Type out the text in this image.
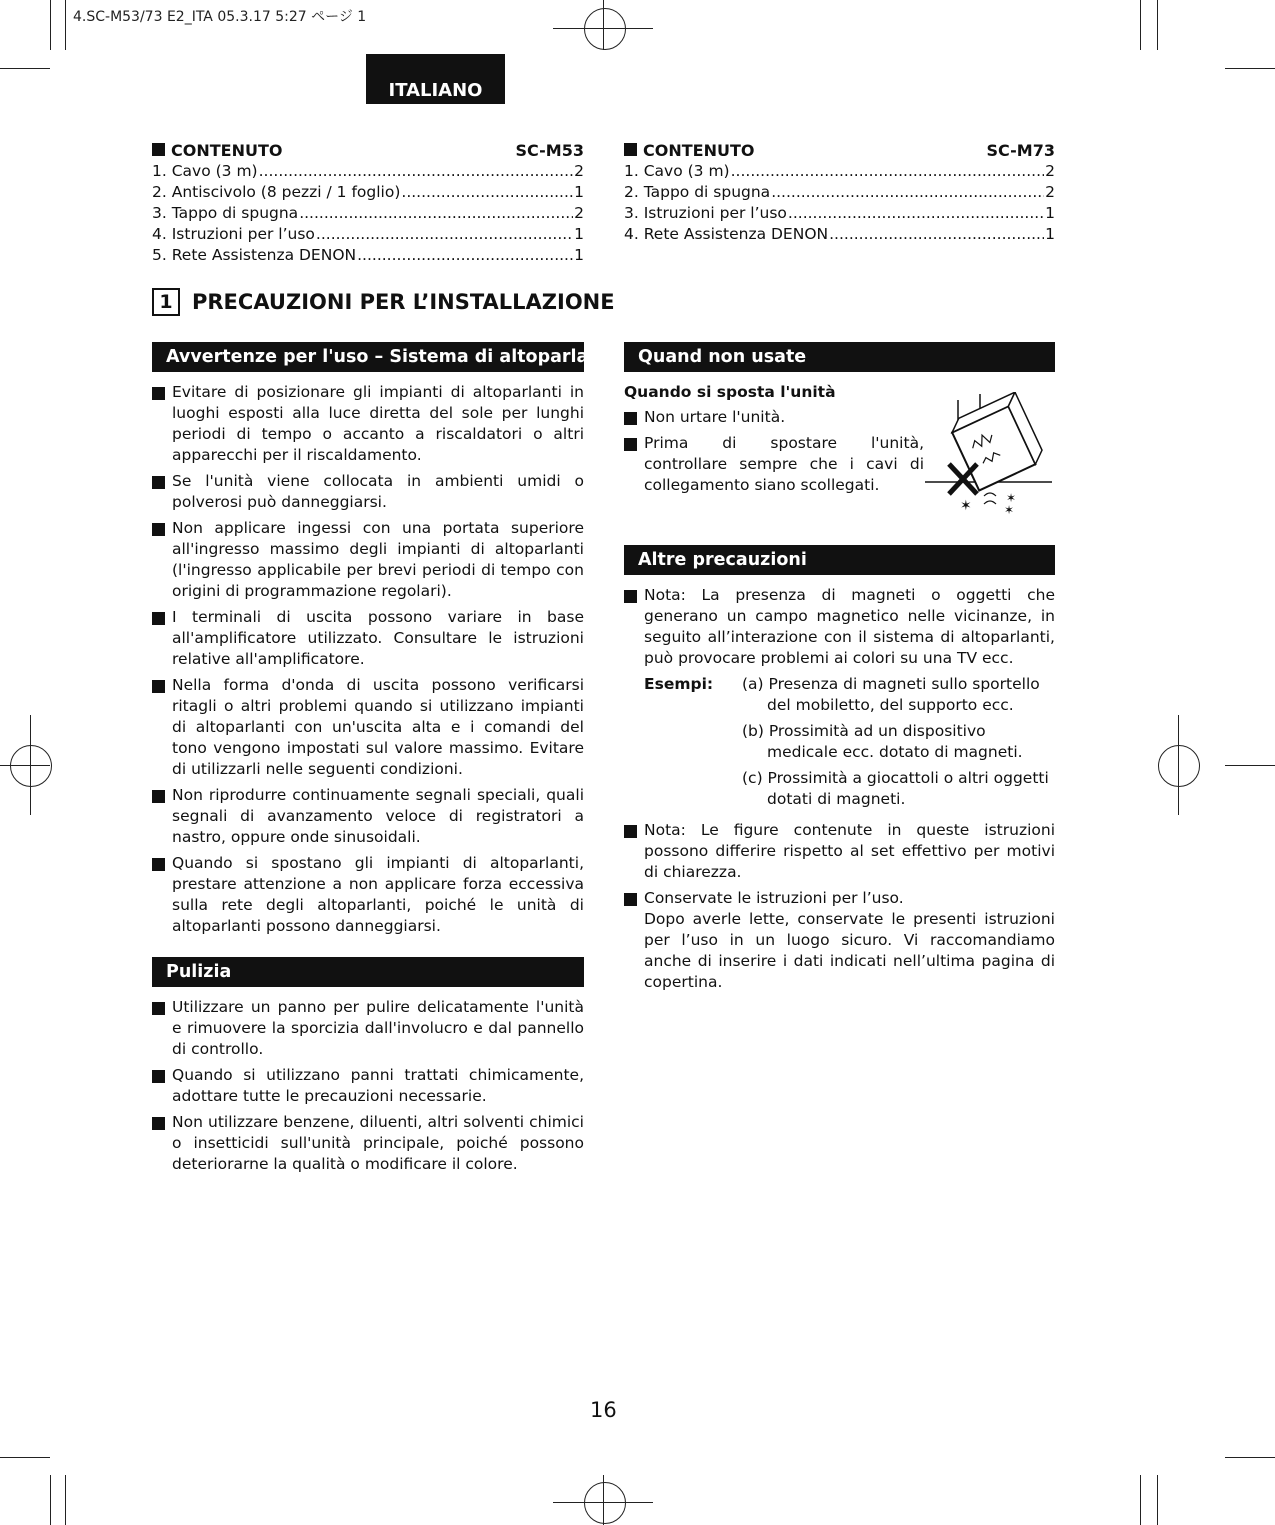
4.SC-M53/73 E2_ITA 05.3.17 5:27 ページ 1
ITALIANO
CONTENUTO	SC-M53
1. Cavo (3 m) .....	2
2. Antiscivolo (8 pezzi / 1 foglio) .....	1
3. Tappo di spugna .....	2
4. Istruzioni per l’uso .....	1
5. Rete Assistenza DENON .....	1
CONTENUTO	SC-M73
1. Cavo (3 m) .....	2
2. Tappo di spugna .....	2
3. Istruzioni per l’uso .....	1
4. Rete Assistenza DENON .....	1
1 PRECAUZIONI PER L’INSTALLAZIONE
Avvertenze per l'uso – Sistema di altoparlanti
Evitare di posizionare gli impianti di altoparlanti in luoghi esposti alla luce diretta del sole per lunghi periodi di tempo o accanto a riscaldatori o altri apparecchi per il riscaldamento.
Se l'unità viene collocata in ambienti umidi o polverosi può danneggiarsi.
Non applicare ingessi con una portata superiore all'ingresso massimo degli impianti di altoparlanti (l'ingresso applicabile per brevi periodi di tempo con origini di programmazione regolari).
I terminali di uscita possono variare in base all'amplificatore utilizzato. Consultare le istruzioni relative all'amplificatore.
Nella forma d'onda di uscita possono verificarsi ritagli o altri problemi quando si utilizzano impianti di altoparlanti con un'uscita alta e i comandi del tono vengono impostati sul valore massimo. Evitare di utilizzarli nelle seguenti condizioni.
Non riprodurre continuamente segnali speciali, quali segnali di avanzamento veloce di registratori a nastro, oppure onde sinusoidali.
Quando si spostano gli impianti di altoparlanti, prestare attenzione a non applicare forza eccessiva sulla rete degli altoparlanti, poiché le unità di altoparlanti possono danneggiarsi.
Pulizia
Utilizzare un panno per pulire delicatamente l'unità e rimuovere la sporcizia dall'involucro e dal pannello di controllo.
Quando si utilizzano panni trattati chimicamente, adottare tutte le precauzioni necessarie.
Non utilizzare benzene, diluenti, altri solventi chimici o insetticidi sull'unità principale, poiché possono deteriorarne la qualità o modificare il colore.
Quand non usate
Quando si sposta l'unità
Non urtare l'unità.
Prima di spostare l'unità, controllare sempre che i cavi di collegamento siano scollegati.
✶	✶
✶
Altre precauzioni
Nota: La presenza di magneti o oggetti che generano un campo magnetico nelle vicinanze, in seguito all’interazione con il sistema di altoparlanti, può provocare problemi ai colori su una TV ecc.
Esempi:	(a) Presenza di magneti sullo sportello del mobiletto, del supporto ecc.
(b) Prossimità ad un dispositivo medicale ecc. dotato di magneti.
(c) Prossimità a giocattoli o altri oggetti dotati di magneti.
Nota: Le figure contenute in queste istruzioni possono differire rispetto al set effettivo per motivi di chiarezza.
Conservate le istruzioni per l’uso.
Dopo averle lette, conservate le presenti istruzioni per l’uso in un luogo sicuro. Vi raccomandiamo anche di inserire i dati indicati nell’ultima pagina di copertina.
16
